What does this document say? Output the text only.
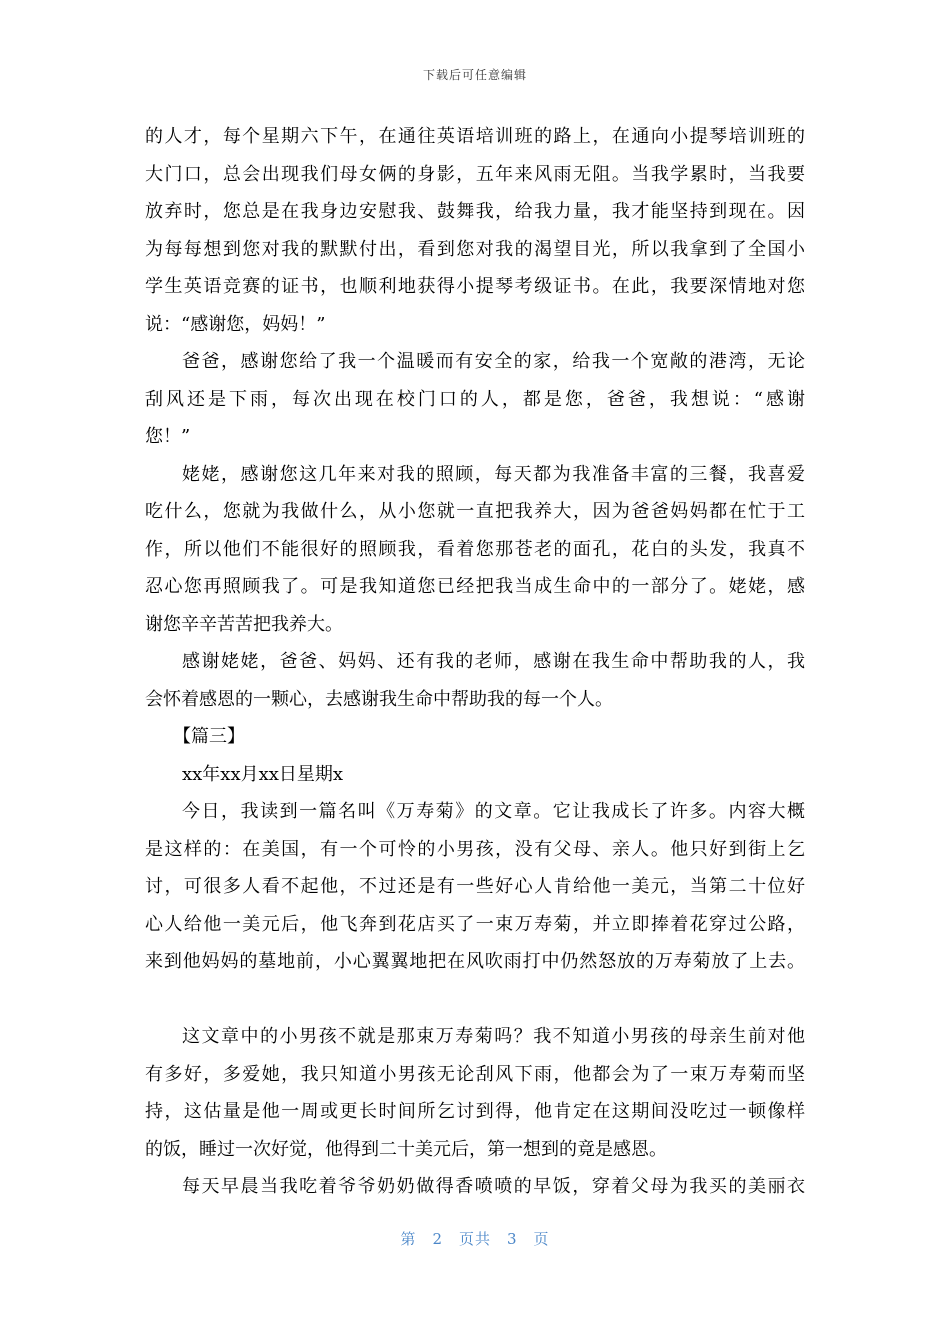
下载后可任意编辑
的人才，每个星期六下午，在通往英语培训班的路上，在通向小提琴培训班的
大门口，总会出现我们母女俩的身影，五年来风雨无阻。当我学累时，当我要
放弃时，您总是在我身边安慰我、鼓舞我，给我力量，我才能坚持到现在。因
为每每想到您对我的默默付出，看到您对我的渴望目光，所以我拿到了全国小
学生英语竞赛的证书，也顺利地获得小提琴考级证书。在此，我要深情地对您
说：“感谢您，妈妈！”
爸爸，感谢您给了我一个温暖而有安全的家，给我一个宽敞的港湾，无论
刮风还是下雨，每次出现在校门口的人，都是您，爸爸，我想说：“感谢
您！”
姥姥，感谢您这几年来对我的照顾，每天都为我准备丰富的三餐，我喜爱
吃什么，您就为我做什么，从小您就一直把我养大，因为爸爸妈妈都在忙于工
作，所以他们不能很好的照顾我，看着您那苍老的面孔，花白的头发，我真不
忍心您再照顾我了。可是我知道您已经把我当成生命中的一部分了。姥姥，感
谢您辛辛苦苦把我养大。
感谢姥姥，爸爸、妈妈、还有我的老师，感谢在我生命中帮助我的人，我
会怀着感恩的一颗心，去感谢我生命中帮助我的每一个人。
【篇三】
xx年xx月xx日星期x
今日，我读到一篇名叫《万寿菊》的文章。它让我成长了许多。内容大概
是这样的：在美国，有一个可怜的小男孩，没有父母、亲人。他只好到街上乞
讨，可很多人看不起他，不过还是有一些好心人肯给他一美元，当第二十位好
心人给他一美元后，他飞奔到花店买了一束万寿菊，并立即捧着花穿过公路，
来到他妈妈的墓地前，小心翼翼地把在风吹雨打中仍然怒放的万寿菊放了上去。
这文章中的小男孩不就是那束万寿菊吗？我不知道小男孩的母亲生前对他
有多好，多爱她，我只知道小男孩无论刮风下雨，他都会为了一束万寿菊而坚
持，这估量是他一周或更长时间所乞讨到得，他肯定在这期间没吃过一顿像样
的饭，睡过一次好觉，他得到二十美元后，第一想到的竟是感恩。
每天早晨当我吃着爷爷奶奶做得香喷喷的早饭，穿着父母为我买的美丽衣
第 2 页共 3 页
